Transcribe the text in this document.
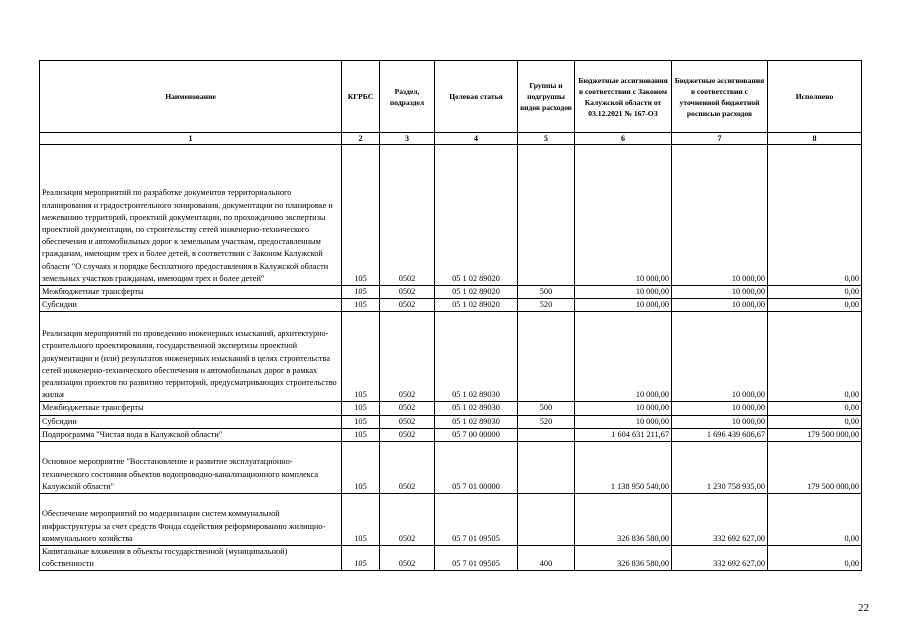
Наименование	КГРБС	Раздел, подраздел	Целевая статья	Группы и подгруппы видов расходов	Бюджетные ассигнования в соответствии с Законом Калужской области от 03.12.2021 № 167-ОЗ	Бюджетные ассигнования в соответствии с уточненной бюджетной росписью расходов	Исполнено
1	2	3	4	5	6	7	8
Реализация мероприятий по разработке документов территориального планирования и градостроительного зонирования, документации по планировке и межеванию территорий, проектной документации, по прохождению экспертизы проектной документации, по строительству сетей инженерно-технического обеспечения и автомобильных дорог к земельным участкам, предоставленным гражданам, имеющим трех и более детей, в соответствии с Законом Калужской области "О случаях и порядке бесплатного предоставления в Калужской области земельных участков гражданам, имеющим трех и более детей"	105	0502	05 1 02 89020		10 000,00	10 000,00	0,00
Межбюджетные трансферты	105	0502	05 1 02 89020	500	10 000,00	10 000,00	0,00
Субсидии	105	0502	05 1 02 89020	520	10 000,00	10 000,00	0,00
Реализация мероприятий по проведению инженерных изысканий, архитектурно-строительного проектирования, государственной экспертизы проектной документации и (или) результатов инженерных изысканий в целях строительства сетей инженерно-технического обеспечения и автомобильных дорог в рамках реализации проектов по развитию территорий, предусматривающих строительство жилья	105	0502	05 1 02 89030		10 000,00	10 000,00	0,00
Межбюджетные трансферты	105	0502	05 1 02 89030	500	10 000,00	10 000,00	0,00
Субсидии	105	0502	05 1 02 89030	520	10 000,00	10 000,00	0,00
Подпрограмма "Чистая вода в Калужской области"	105	0502	05 7 00 00000		1 604 631 211,67	1 696 439 606,67	179 500 000,00
Основное мероприятие "Восстановление и развитие эксплуатационно-технического состояния объектов водопроводно-канализационного комплекса Калужской области"	105	0502	05 7 01 00000		1 138 950 540,00	1 230 758 935,00	179 500 000,00
Обеспечение мероприятий по модернизации систем коммунальной инфраструктуры за счет средств Фонда содействия реформированию жилищно-коммунального хозяйства	105	0502	05 7 01 09505		326 836 580,00	332 692 627,00	0,00
Капитальные вложения в объекты государственной (муниципальной) собственности	105	0502	05 7 01 09505	400	326 836 580,00	332 692 627,00	0,00
22
